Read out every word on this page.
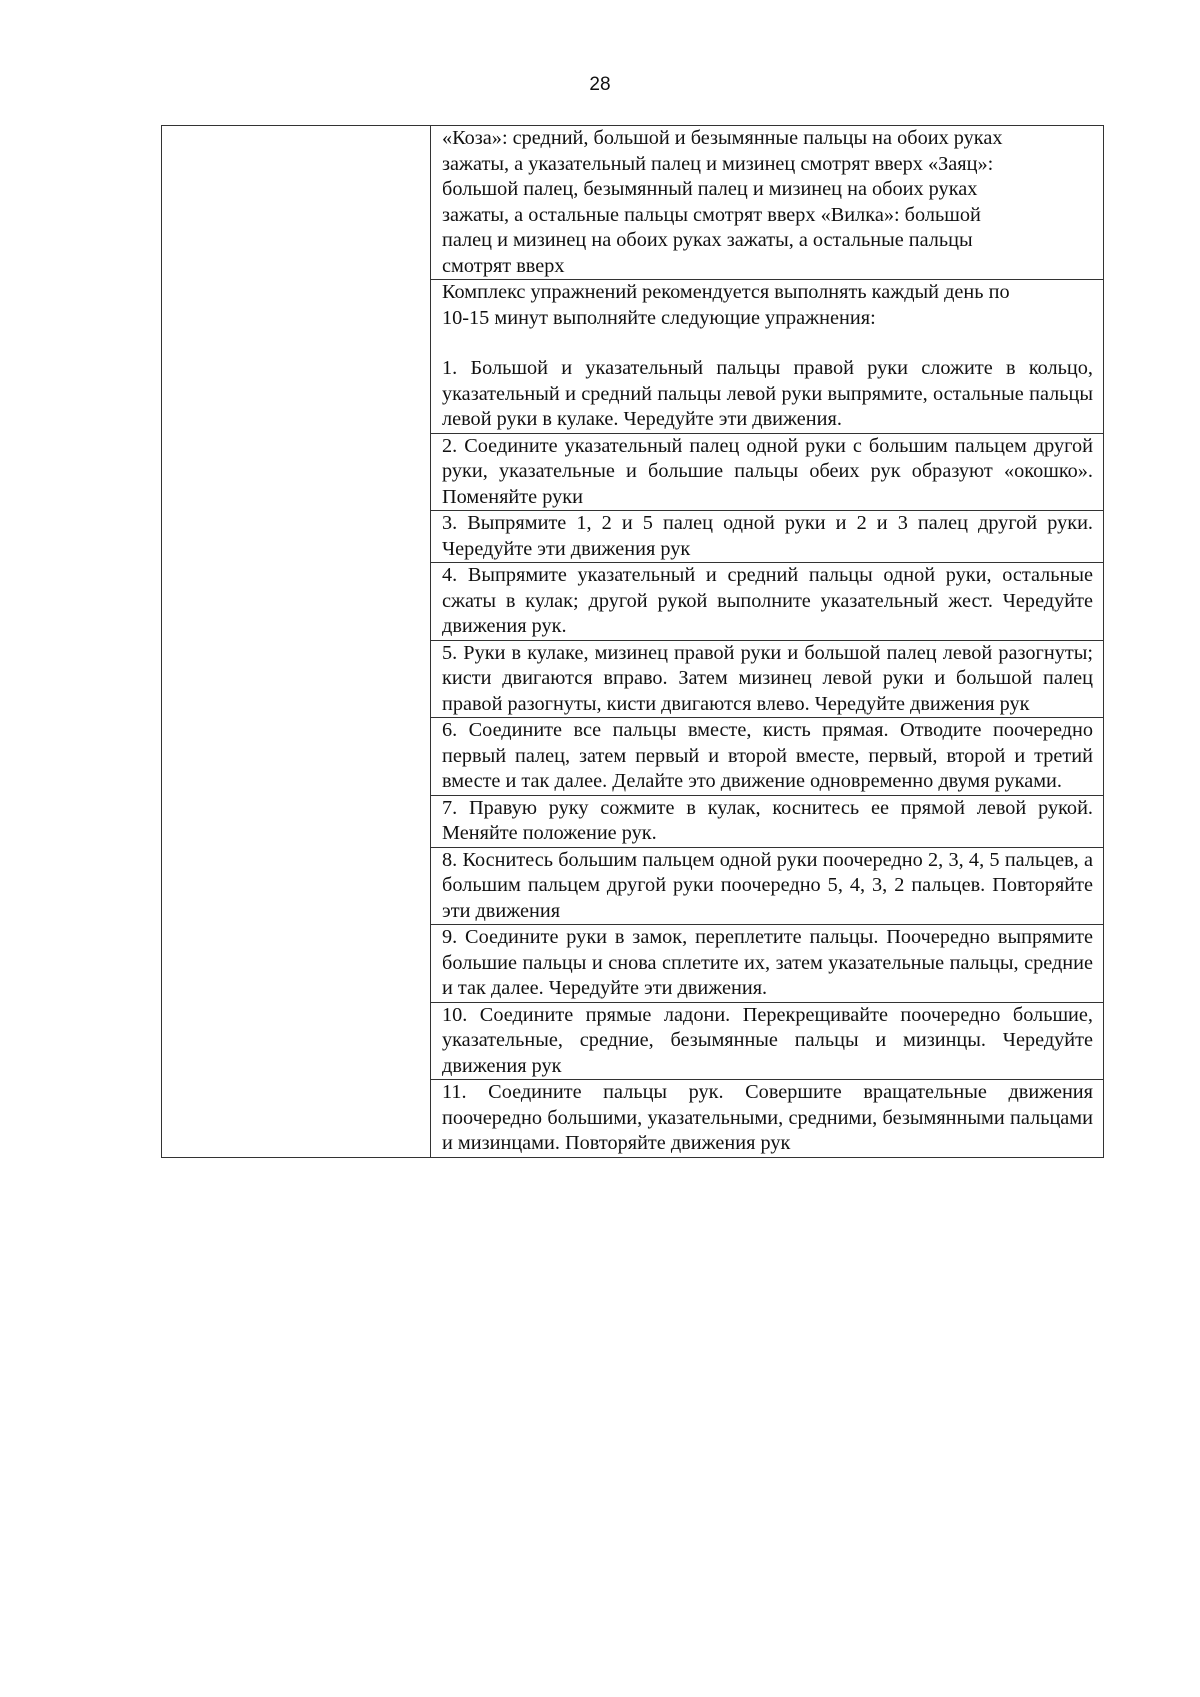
28

«Коза»: средний, большой и безымянные пальцы на обоих руках
зажаты, а указательный палец и мизинец смотрят вверх «Заяц»:
большой палец, безымянный палец и мизинец на обоих руках
зажаты, а остальные пальцы смотрят вверх «Вилка»: большой
палец и мизинец на обоих руках зажаты, а остальные пальцы
смотрят вверх

Комплекс упражнений рекомендуется выполнять каждый день по
10-15 минут выполняйте следующие упражнения:
1. Большой и указательный пальцы правой руки сложите в кольцо, указательный и средний пальцы левой руки выпрямите, остальные пальцы левой руки в кулаке. Чередуйте эти движения.

2. Соедините указательный палец одной руки с большим пальцем другой руки, указательные и большие пальцы обеих рук образуют «окошко». Поменяйте руки

3. Выпрямите 1, 2 и 5 палец одной руки и 2 и 3 палец другой руки. Чередуйте эти движения рук

4. Выпрямите указательный и средний пальцы одной руки, остальные сжаты в кулак; другой рукой выполните указательный жест. Чередуйте движения рук.

5. Руки в кулаке, мизинец правой руки и большой палец левой разогнуты; кисти двигаются вправо. Затем мизинец левой руки и большой палец правой разогнуты, кисти двигаются влево. Чередуйте движения рук

6. Соедините все пальцы вместе, кисть прямая. Отводите поочередно первый палец, затем первый и второй вместе, первый, второй и третий вместе и так далее. Делайте это движение одновременно двумя руками.

7. Правую руку сожмите в кулак, коснитесь ее прямой левой рукой. Меняйте положение рук.

8. Коснитесь большим пальцем одной руки поочередно 2, 3, 4, 5 пальцев, а большим пальцем другой руки поочередно 5, 4, 3, 2 пальцев. Повторяйте эти движения

9. Соедините руки в замок, переплетите пальцы. Поочередно выпрямите большие пальцы и снова сплетите их, затем указательные пальцы, средние и так далее. Чередуйте эти движения.

10. Соедините прямые ладони. Перекрещивайте поочередно большие, указательные, средние, безымянные пальцы и мизинцы. Чередуйте движения рук

11. Соедините пальцы рук. Совершите вращательные движения поочередно большими, указательными, средними, безымянными пальцами и мизинцами. Повторяйте движения рук
